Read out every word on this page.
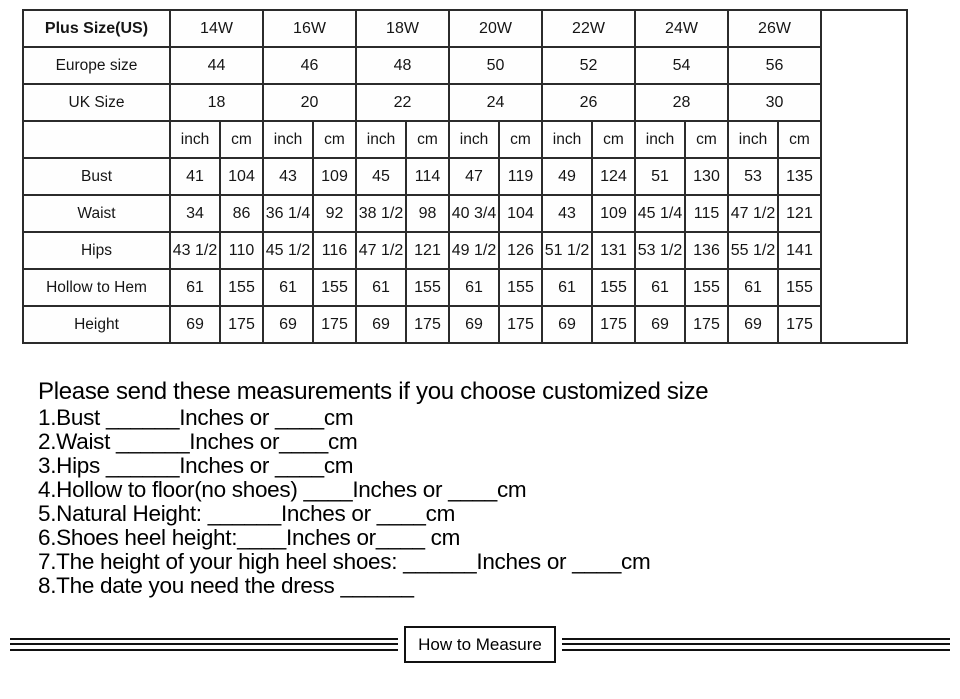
Plus Size(US)	14W		16W		18W		20W		22W		24W		26W		
Europe size	44		46		48		50		52		54		56		
UK Size	18		20		22		24		26		28		30		
	inch	cm	inch	cm	inch	cm	inch	cm	inch	cm	inch	cm	inch	cm	
Bust	41	104	43	109	45	114	47	119	49	124	51	130	53	135	
Waist	34	86	36 1/4	92	38 1/2	98	40 3/4	104	43	109	45 1/4	115	47 1/2	121	
Hips	43 1/2	110	45 1/2	116	47 1/2	121	49 1/2	126	51 1/2	131	53 1/2	136	55 1/2	141	
Hollow to Hem	61	155	61	155	61	155	61	155	61	155	61	155	61	155	
Height	69	175	69	175	69	175	69	175	69	175	69	175	69	175	
Please send these measurements if you choose customized size
1.Bust ______Inches or ____cm
2.Waist ______Inches or____cm
3.Hips ______Inches or ____cm
4.Hollow to floor(no shoes) ____Inches or ____cm
5.Natural Height: ______Inches or ____cm
6.Shoes heel height:____Inches or____ cm
7.The height of your high heel shoes: ______Inches or ____cm
8.The date you need the dress ______
How to Measure
